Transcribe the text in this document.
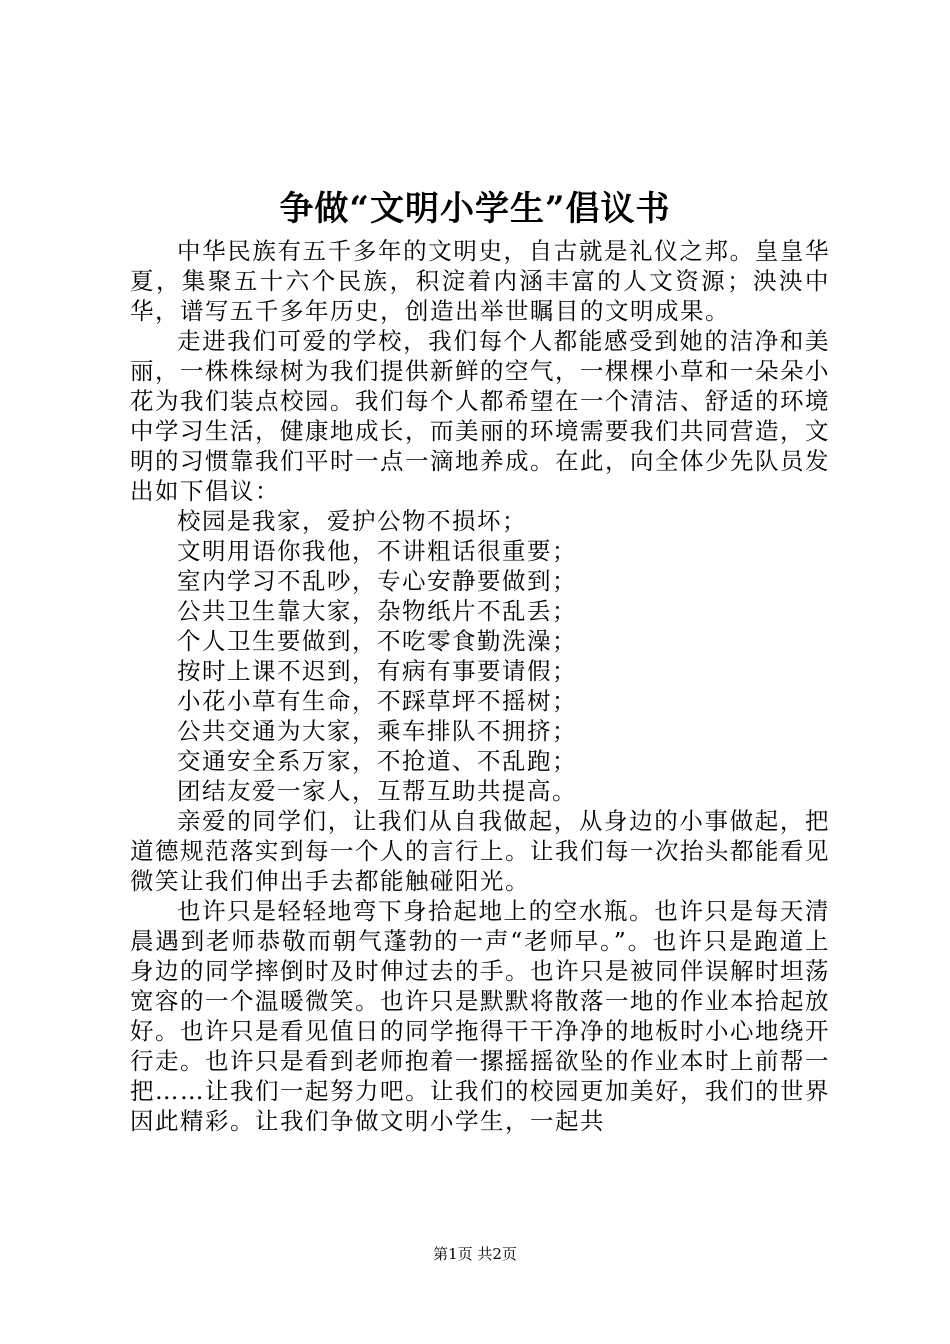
争做“文明小学生”倡议书

中华民族有五千多年的文明史，自古就是礼仪之邦。皇皇华夏，集聚五十六个民族，积淀着内涵丰富的人文资源；泱泱中华，谱写五千多年历史，创造出举世瞩目的文明成果。

走进我们可爱的学校，我们每个人都能感受到她的洁净和美丽，一株株绿树为我们提供新鲜的空气，一棵棵小草和一朵朵小花为我们装点校园。我们每个人都希望在一个清洁、舒适的环境中学习生活，健康地成长，而美丽的环境需要我们共同营造，文明的习惯靠我们平时一点一滴地养成。在此，向全体少先队员发出如下倡议：

校园是我家，爱护公物不损坏；

文明用语你我他，不讲粗话很重要；

室内学习不乱吵，专心安静要做到；

公共卫生靠大家，杂物纸片不乱丢；

个人卫生要做到，不吃零食勤洗澡；

按时上课不迟到，有病有事要请假；

小花小草有生命，不踩草坪不摇树；

公共交通为大家，乘车排队不拥挤；

交通安全系万家，不抢道、不乱跑；

团结友爱一家人，互帮互助共提高。

亲爱的同学们，让我们从自我做起，从身边的小事做起，把道德规范落实到每一个人的言行上。让我们每一次抬头都能看见微笑让我们伸出手去都能触碰阳光。

也许只是轻轻地弯下身拾起地上的空水瓶。也许只是每天清晨遇到老师恭敬而朝气蓬勃的一声“老师早。”。也许只是跑道上身边的同学摔倒时及时伸过去的手。也许只是被同伴误解时坦荡宽容的一个温暖微笑。也许只是默默将散落一地的作业本拾起放好。也许只是看见值日的同学拖得干干净净的地板时小心地绕开行走。也许只是看到老师抱着一摞摇摇欲坠的作业本时上前帮一把……让我们一起努力吧。让我们的校园更加美好，我们的世界因此精彩。让我们争做文明小学生，一起共

第1页 共2页
